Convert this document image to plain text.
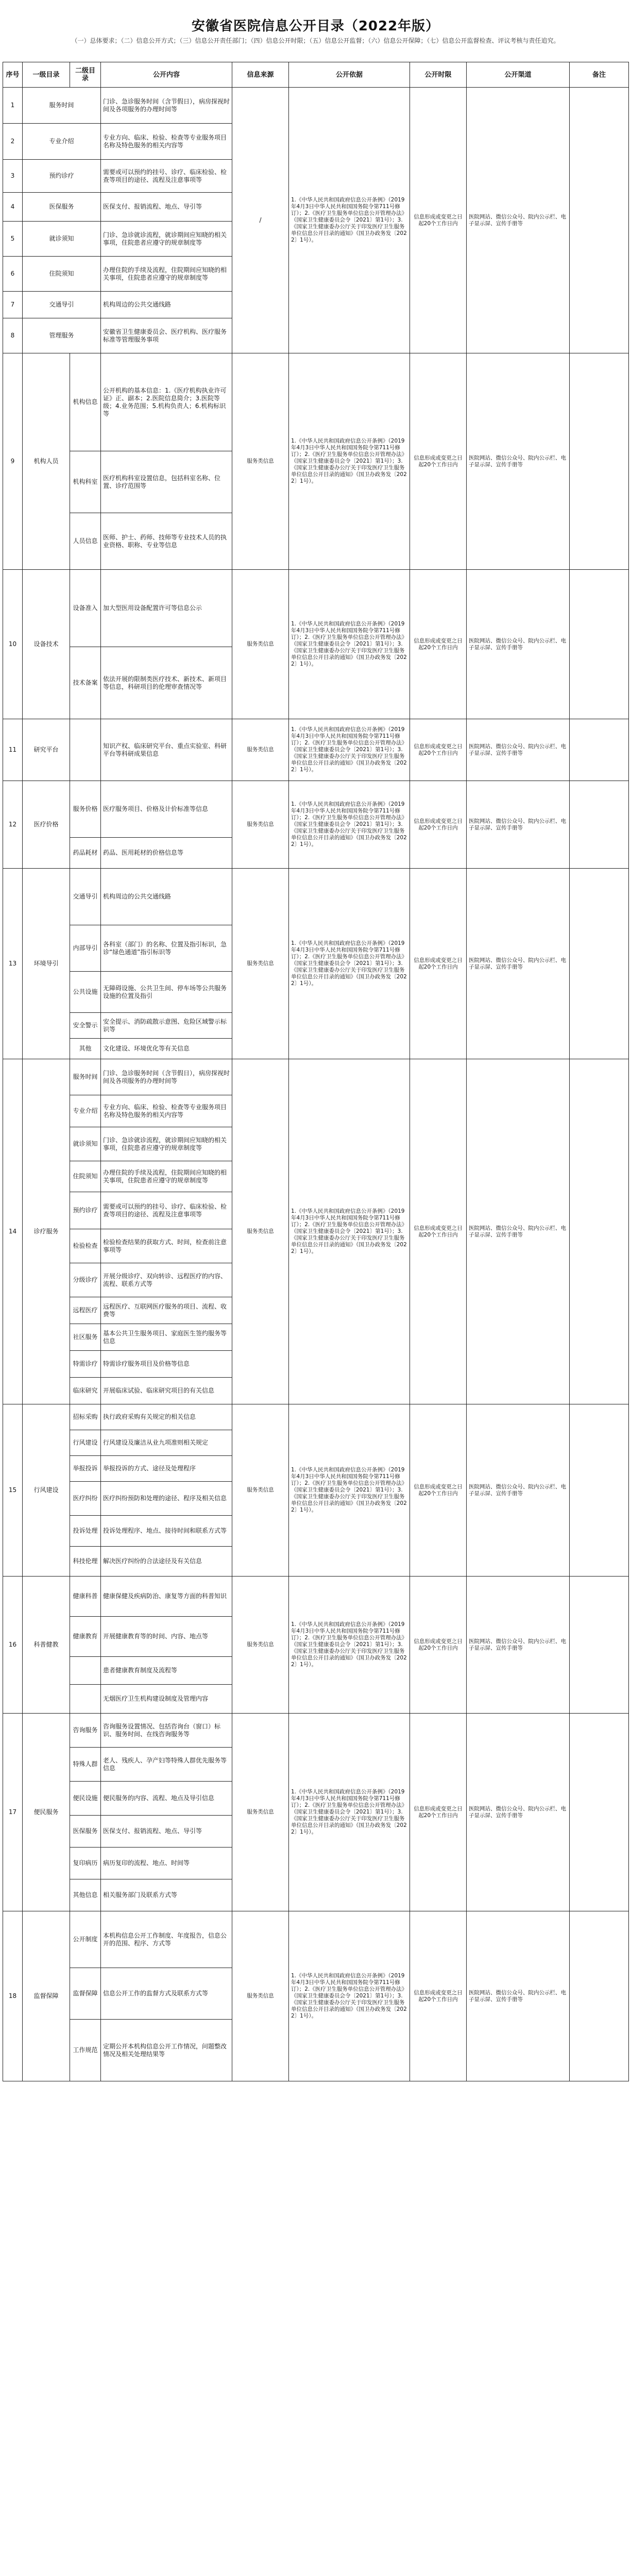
安徽省医院信息公开目录（2022年版）
（一）总体要求；（二）信息公开方式；（三）信息公开责任部门；（四）信息公开时限；（五）信息公开监督；（六）信息公开保障；（七）信息公开监督检查、评议考核与责任追究。
序号	一级目录	二级目录	公开内容	信息来源	公开依据	公开时限	公开渠道	备注
1	服务时间		门诊、急诊服务时间（含节假日），病房探视时间及各项服务的办理时间等	/	1.《中华人民共和国政府信息公开条例》（2019年4月3日中华人民共和国国务院令第711号修订）；2.《医疗卫生服务单位信息公开管理办法》（国家卫生健康委员会令〔2021〕第1号）；3.《国家卫生健康委办公厅关于印发医疗卫生服务单位信息公开目录的通知》（国卫办政务发〔2022〕1号）。	信息形成或变更之日起20个工作日内	医院网站、微信公众号、院内公示栏、电子显示屏、宣传手册等	
2	专业介绍		专业方向、临床、检验、检查等专业服务项目名称及特色服务的相关内容等					
3	预约诊疗		需要或可以预约的挂号、诊疗、临床检验、检查等项目的途径、流程及注意事项等					
4	医保服务		医保支付、报销流程、地点、导引等					
5	就诊须知		门诊、急诊就诊流程，就诊期间应知晓的相关事项，住院患者应遵守的规章制度等					
6	住院须知		办理住院的手续及流程，住院期间应知晓的相关事项，住院患者应遵守的规章制度等					
7	交通导引		机构周边的公共交通线路					
8	管理服务		安徽省卫生健康委员会、医疗机构、医疗服务标准等管理服务事项					
9	机构人员	机构信息	公开机构的基本信息：1.《医疗机构执业许可证》正、副本；2.医院信息简介；3.医院等级；4.业务范围；5.机构负责人；6.机构标识等	服务类信息	1.《中华人民共和国政府信息公开条例》（2019年4月3日中华人民共和国国务院令第711号修订）；2.《医疗卫生服务单位信息公开管理办法》（国家卫生健康委员会令〔2021〕第1号）；3.《国家卫生健康委办公厅关于印发医疗卫生服务单位信息公开目录的通知》（国卫办政务发〔2022〕1号）。	信息形成或变更之日起20个工作日内	医院网站、微信公众号、院内公示栏、电子显示屏、宣传手册等	
		机构科室	医疗机构科室设置信息，包括科室名称、位置、诊疗范围等					
		人员信息	医师、护士、药师、技师等专业技术人员的执业资格、职称、专业等信息					
10	设备技术	设备准入	加大型医用设备配置许可等信息公示	服务类信息	1.《中华人民共和国政府信息公开条例》（2019年4月3日中华人民共和国国务院令第711号修订）；2.《医疗卫生服务单位信息公开管理办法》（国家卫生健康委员会令〔2021〕第1号）；3.《国家卫生健康委办公厅关于印发医疗卫生服务单位信息公开目录的通知》（国卫办政务发〔2022〕1号）。	信息形成或变更之日起20个工作日内	医院网站、微信公众号、院内公示栏、电子显示屏、宣传手册等	
		技术备案	依法开展的限制类医疗技术、新技术、新项目等信息，科研项目的伦理审查情况等					
11	研究平台		知识产权、临床研究平台、重点实验室、科研平台等科研成果信息	服务类信息	1.《中华人民共和国政府信息公开条例》（2019年4月3日中华人民共和国国务院令第711号修订）；2.《医疗卫生服务单位信息公开管理办法》（国家卫生健康委员会令〔2021〕第1号）；3.《国家卫生健康委办公厅关于印发医疗卫生服务单位信息公开目录的通知》（国卫办政务发〔2022〕1号）。	信息形成或变更之日起20个工作日内	医院网站、微信公众号、院内公示栏、电子显示屏、宣传手册等	
12	医疗价格	服务价格	医疗服务项目、价格及计价标准等信息	服务类信息	1.《中华人民共和国政府信息公开条例》（2019年4月3日中华人民共和国国务院令第711号修订）；2.《医疗卫生服务单位信息公开管理办法》（国家卫生健康委员会令〔2021〕第1号）；3.《国家卫生健康委办公厅关于印发医疗卫生服务单位信息公开目录的通知》（国卫办政务发〔2022〕1号）。	信息形成或变更之日起20个工作日内	医院网站、微信公众号、院内公示栏、电子显示屏、宣传手册等	
		药品耗材	药品、医用耗材的价格信息等					
13	环境导引	交通导引	机构周边的公共交通线路	服务类信息	1.《中华人民共和国政府信息公开条例》（2019年4月3日中华人民共和国国务院令第711号修订）；2.《医疗卫生服务单位信息公开管理办法》（国家卫生健康委员会令〔2021〕第1号）；3.《国家卫生健康委办公厅关于印发医疗卫生服务单位信息公开目录的通知》（国卫办政务发〔2022〕1号）。	信息形成或变更之日起20个工作日内	医院网站、微信公众号、院内公示栏、电子显示屏、宣传手册等	
		内部导引	各科室（部门）的名称、位置及指引标识，急诊“绿色通道”指引标识等					
		公共设施	无障碍设施、公共卫生间、停车场等公共服务设施的位置及指引					
		安全警示	安全提示、消防疏散示意图、危险区域警示标识等					
		其他	文化建设、环境优化等有关信息					
14	诊疗服务	服务时间	门诊、急诊服务时间（含节假日），病房探视时间及各项服务的办理时间等	服务类信息	1.《中华人民共和国政府信息公开条例》（2019年4月3日中华人民共和国国务院令第711号修订）；2.《医疗卫生服务单位信息公开管理办法》（国家卫生健康委员会令〔2021〕第1号）；3.《国家卫生健康委办公厅关于印发医疗卫生服务单位信息公开目录的通知》（国卫办政务发〔2022〕1号）。	信息形成或变更之日起20个工作日内	医院网站、微信公众号、院内公示栏、电子显示屏、宣传手册等	
		专业介绍	专业方向、临床、检验、检查等专业服务项目名称及特色服务的相关内容等					
		就诊须知	门诊、急诊就诊流程，就诊期间应知晓的相关事项，住院患者应遵守的规章制度等					
		住院须知	办理住院的手续及流程，住院期间应知晓的相关事项，住院患者应遵守的规章制度等					
		预约诊疗	需要或可以预约的挂号、诊疗、临床检验、检查等项目的途径、流程及注意事项等					
		检验检查	检验检查结果的获取方式、时间，检查前注意事项等					
		分级诊疗	开展分级诊疗、双向转诊、远程医疗的内容、流程、联系方式等					
		远程医疗	远程医疗、互联网医疗服务的项目、流程、收费等					
		社区服务	基本公共卫生服务项目、家庭医生签约服务等信息					
		特需诊疗	特需诊疗服务项目及价格等信息					
		临床研究	开展临床试验、临床研究项目的有关信息					
15	行风建设	招标采购	执行政府采购有关规定的相关信息	服务类信息	1.《中华人民共和国政府信息公开条例》（2019年4月3日中华人民共和国国务院令第711号修订）；2.《医疗卫生服务单位信息公开管理办法》（国家卫生健康委员会令〔2021〕第1号）；3.《国家卫生健康委办公厅关于印发医疗卫生服务单位信息公开目录的通知》（国卫办政务发〔2022〕1号）。	信息形成或变更之日起20个工作日内	医院网站、微信公众号、院内公示栏、电子显示屏、宣传手册等	
		行风建设	行风建设及廉洁从业九项准则相关规定					
		举报投诉	举报投诉的方式、途径及处理程序					
		医疗纠纷	医疗纠纷预防和处理的途径、程序及相关信息					
		投诉处理	投诉处理程序、地点、接待时间和联系方式等					
		科技伦理	解决医疗纠纷的合法途径及有关信息					
16	科普健教	健康科普	健康保健及疾病防治、康复等方面的科普知识	服务类信息	1.《中华人民共和国政府信息公开条例》（2019年4月3日中华人民共和国国务院令第711号修订）；2.《医疗卫生服务单位信息公开管理办法》（国家卫生健康委员会令〔2021〕第1号）；3.《国家卫生健康委办公厅关于印发医疗卫生服务单位信息公开目录的通知》（国卫办政务发〔2022〕1号）。	信息形成或变更之日起20个工作日内	医院网站、微信公众号、院内公示栏、电子显示屏、宣传手册等	
		健康教育	开展健康教育等的时间、内容、地点等					
			患者健康教育制度及流程等					
			无烟医疗卫生机构建设制度及管理内容					
17	便民服务	咨询服务	咨询服务设置情况、包括咨询台（窗口）标识、服务时间、在线咨询服务等	服务类信息	1.《中华人民共和国政府信息公开条例》（2019年4月3日中华人民共和国国务院令第711号修订）；2.《医疗卫生服务单位信息公开管理办法》（国家卫生健康委员会令〔2021〕第1号）；3.《国家卫生健康委办公厅关于印发医疗卫生服务单位信息公开目录的通知》（国卫办政务发〔2022〕1号）。	信息形成或变更之日起20个工作日内	医院网站、微信公众号、院内公示栏、电子显示屏、宣传手册等	
		特殊人群	老人、残疾人、孕产妇等特殊人群优先服务等信息					
		便民设施	便民服务的内容、流程、地点及导引信息					
		医保服务	医保支付、报销流程、地点、导引等					
		复印病历	病历复印的流程、地点、时间等					
		其他信息	相关服务部门及联系方式等					
18	监督保障	公开制度	本机构信息公开工作制度、年度报告，信息公开的范围、程序、方式等	服务类信息	1.《中华人民共和国政府信息公开条例》（2019年4月3日中华人民共和国国务院令第711号修订）；2.《医疗卫生服务单位信息公开管理办法》（国家卫生健康委员会令〔2021〕第1号）；3.《国家卫生健康委办公厅关于印发医疗卫生服务单位信息公开目录的通知》（国卫办政务发〔2022〕1号）。	信息形成或变更之日起20个工作日内	医院网站、微信公众号、院内公示栏、电子显示屏、宣传手册等	
		监督保障	信息公开工作的监督方式及联系方式等					
		工作规范	定期公开本机构信息公开工作情况，问题整改情况及相关处理结果等					
